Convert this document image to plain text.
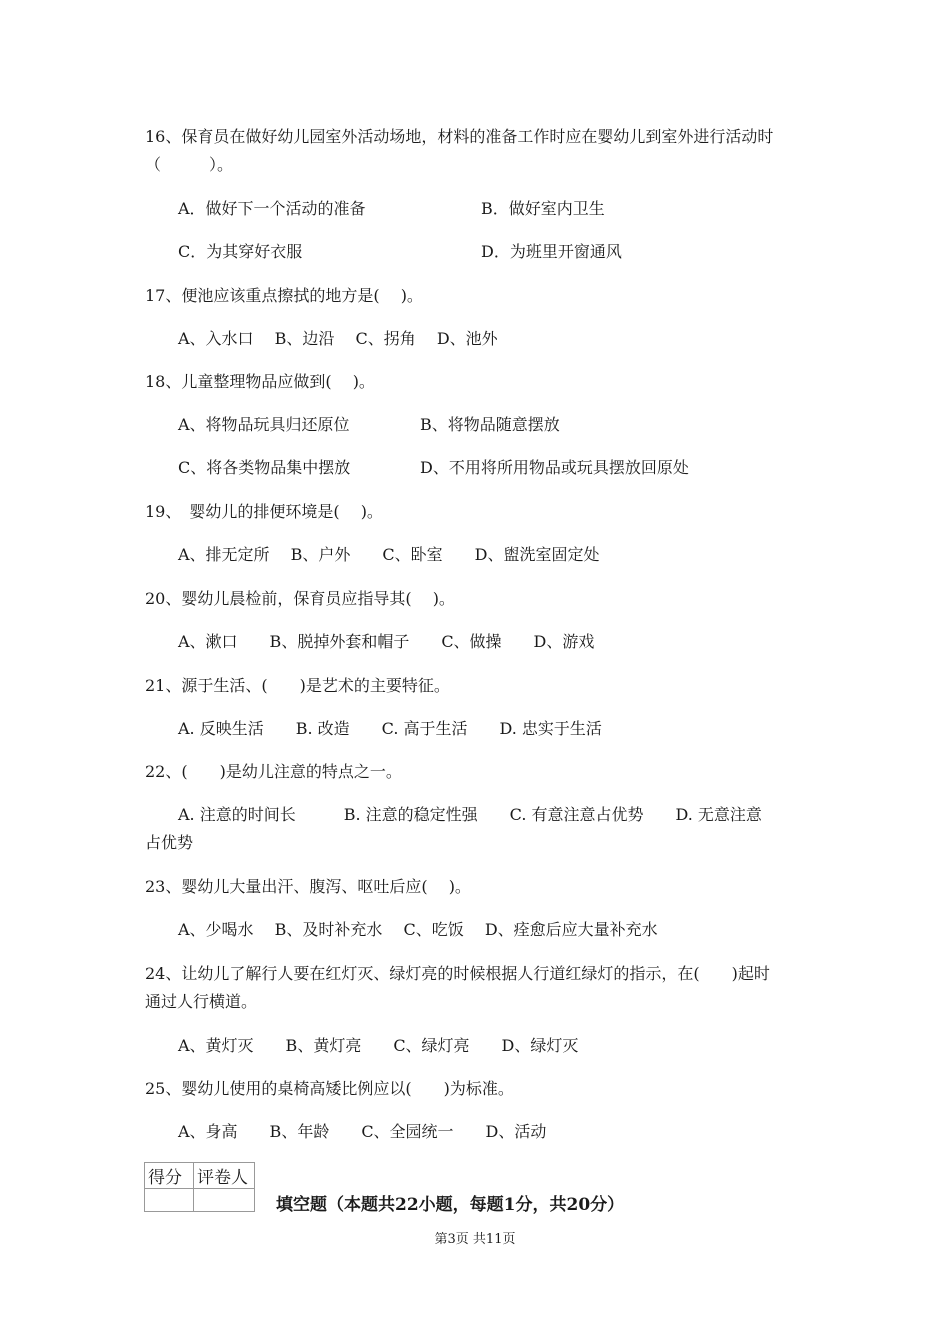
16、保育员在做好幼儿园室外活动场地，材料的准备工作时应在婴幼儿到室外进行活动时
（　　　）。
A．做好下一个活动的准备	B．做好室内卫生
C．为其穿好衣服	D．为班里开窗通风
17、便池应该重点擦拭的地方是(　 )。
A、入水口　 B、边沿　 C、拐角　 D、池外
18、儿童整理物品应做到(　 )。
A、将物品玩具归还原位	B、将物品随意摆放
C、将各类物品集中摆放	D、不用将所用物品或玩具摆放回原处
19、　婴幼儿的排便环境是(　 )。
A、排无定所　 B、户外　　C、卧室　　D、盥洗室固定处
20、婴幼儿晨检前，保育员应指导其(　 )。
A、漱口　　B、脱掉外套和帽子　　C、做操　　D、游戏
21、源于生活、(　　)是艺术的主要特征。
A. 反映生活　　B. 改造　　C. 高于生活　　D. 忠实于生活
22、(　　)是幼儿注意的特点之一。
A. 注意的时间长　　　B. 注意的稳定性强　　C. 有意注意占优势　　D. 无意注意
占优势
23、婴幼儿大量出汗、腹泻、呕吐后应(　 )。
A、少喝水　 B、及时补充水　 C、吃饭　 D、痊愈后应大量补充水
24、让幼儿了解行人要在红灯灭、绿灯亮的时候根据人行道红绿灯的指示，在(　　)起时
通过人行横道。
A、黄灯灭　　B、黄灯亮　　C、绿灯亮　　D、绿灯灭
25、婴幼儿使用的桌椅高矮比例应以(　　)为标准。
A、身高　　B、年龄　　C、全园统一　　D、活动
得分	评卷人

填空题（本题共22小题，每题1分，共20分）
第3页 共11页
